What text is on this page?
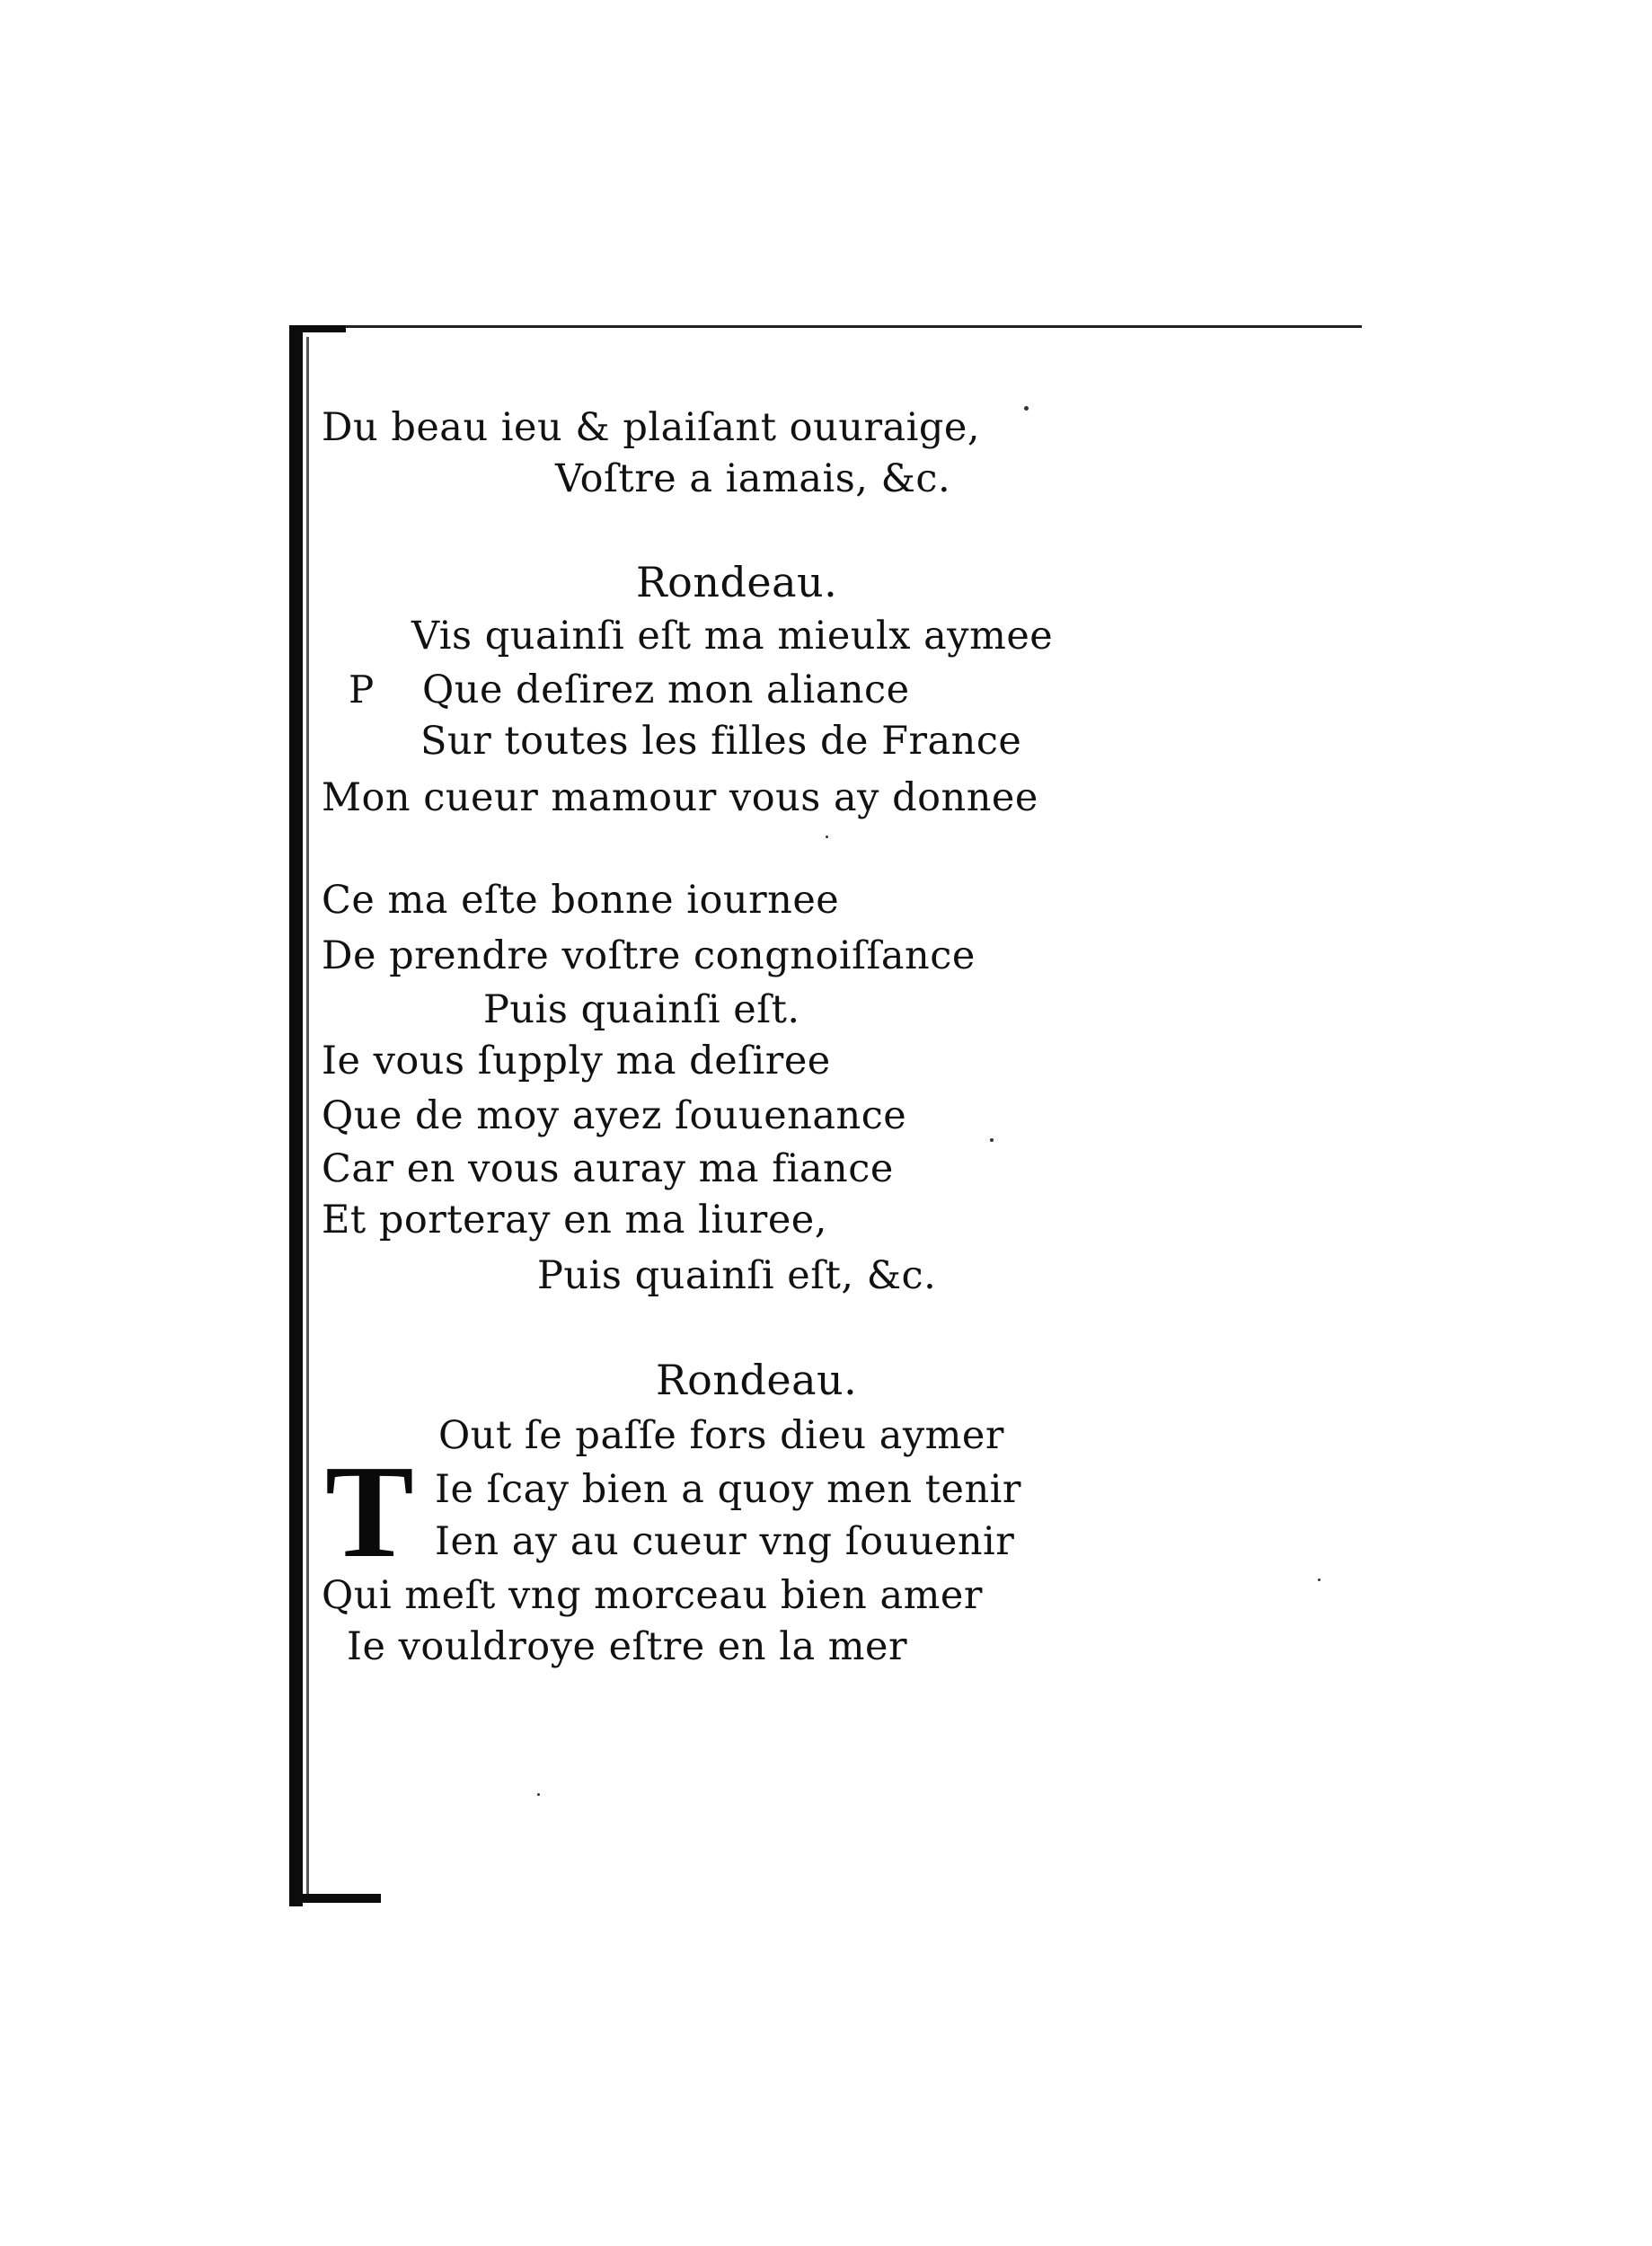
Du beau ieu & plaiſant ouuraige,
Voſtre a iamais, &c.
Rondeau.
P
Vis quainſi eſt ma mieulx aymee
Que deſirez mon aliance
Sur toutes les filles de France
Mon cueur mamour vous ay donnee
Ce ma eſte bonne iournee
De prendre voſtre congnoiſſance
Puis quainſi eſt.
Ie vous ſupply ma deſiree
Que de moy ayez ſouuenance
Car en vous auray ma fiance
Et porteray en ma liuree,
Puis quainſi eſt, &c.
Rondeau.
T
Out ſe paſſe fors dieu aymer
Ie ſcay bien a quoy men tenir
Ien ay au cueur vng ſouuenir
Qui meſt vng morceau bien amer
Ie vouldroye eſtre en la mer
